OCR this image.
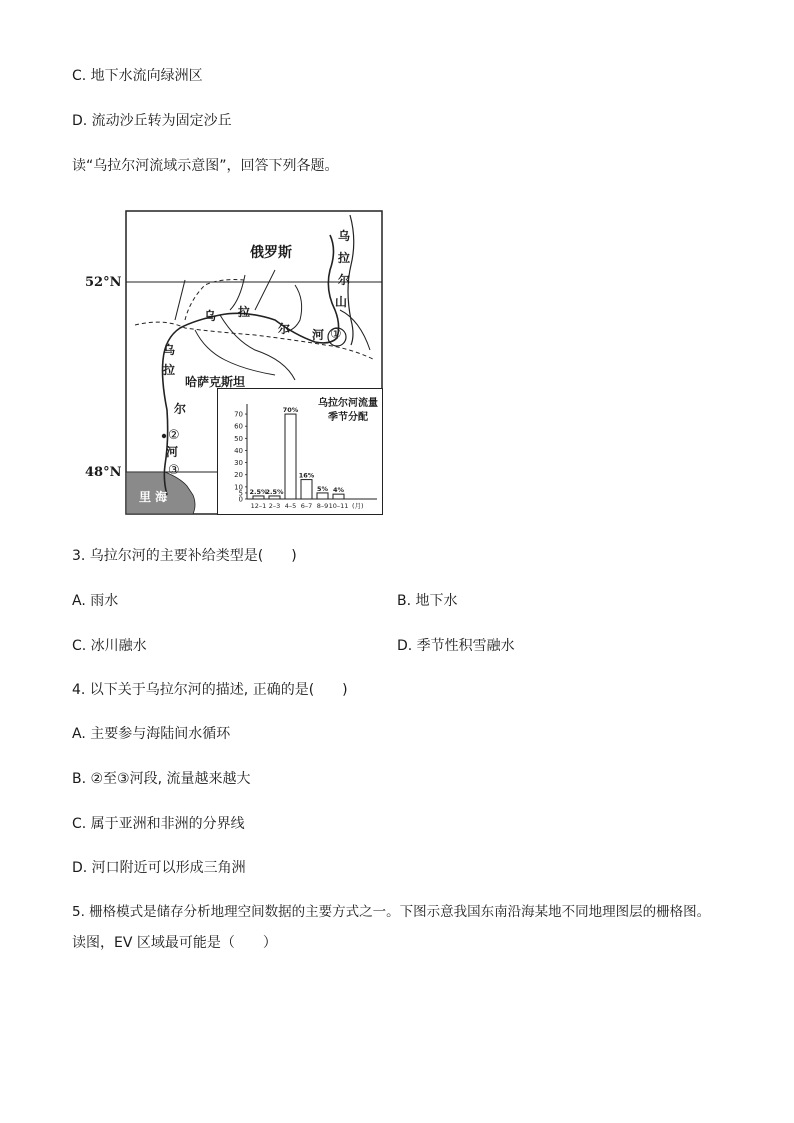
C. 地下水流向绿洲区
D. 流动沙丘转为固定沙丘
读“乌拉尔河流域示意图”，回答下列各题。
52°N
48°N
俄罗斯
哈萨克斯坦
里 海
乌
拉
尔
山
乌 拉
尔 河 ①
乌
拉
尔
②
河
③
0
5
10
20
30
40
50
60
70
2.5%
12–1
2.5%
2–3
70%
4–5
16%
6–7
5%
8–9
4%
10–11 (月)
乌拉尔河流量季节分配
3. 乌拉尔河的主要补给类型是(　　)
A. 雨水	B. 地下水
C. 冰川融水	D. 季节性积雪融水
4. 以下关于乌拉尔河的描述, 正确的是(　　)
A. 主要参与海陆间水循环
B. ②至③河段, 流量越来越大
C. 属于亚洲和非洲的分界线
D. 河口附近可以形成三角洲
5. 栅格模式是储存分析地理空间数据的主要方式之一。下图示意我国东南沿海某地不同地理图层的栅格图。
读图，EV 区域最可能是（　　）
